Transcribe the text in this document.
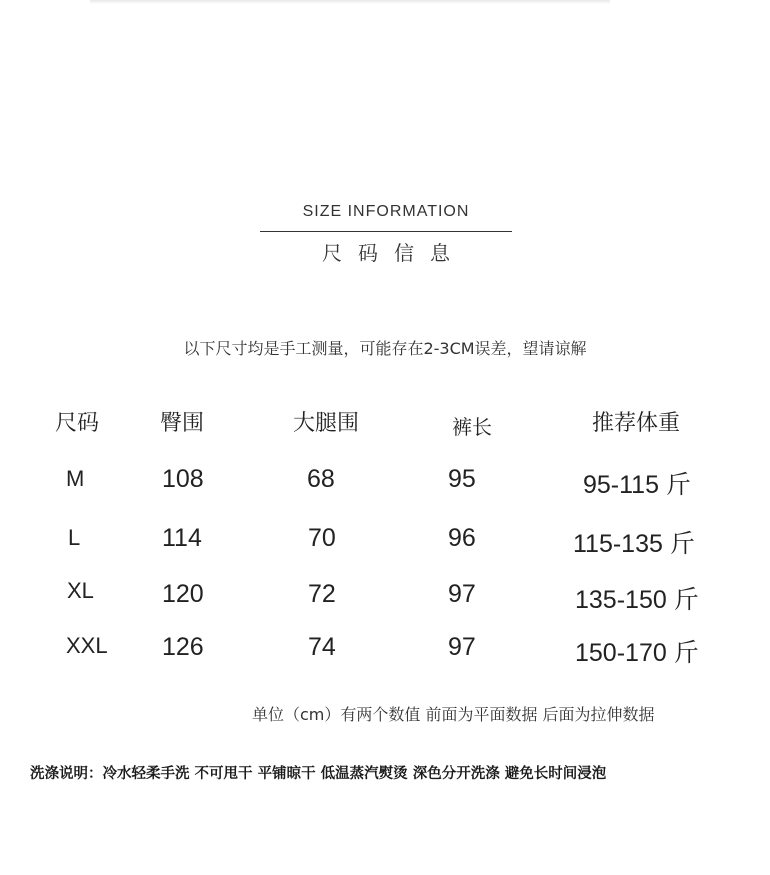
SIZE INFORMATION
尺码信息
以下尺寸均是手工测量，可能存在2-3CM误差，望请谅解
尺码	臀围	大腿围	裤长	推荐体重
M	108	68	95	95-115 斤
L	114	70	96	115-135 斤
XL	120	72	97	135-150 斤
XXL 126	74	97	150-170 斤
单位（cm）有两个数值 前面为平面数据 后面为拉伸数据
洗涤说明：冷水轻柔手洗 不可甩干 平铺晾干 低温蒸汽熨烫 深色分开洗涤 避免长时间浸泡
